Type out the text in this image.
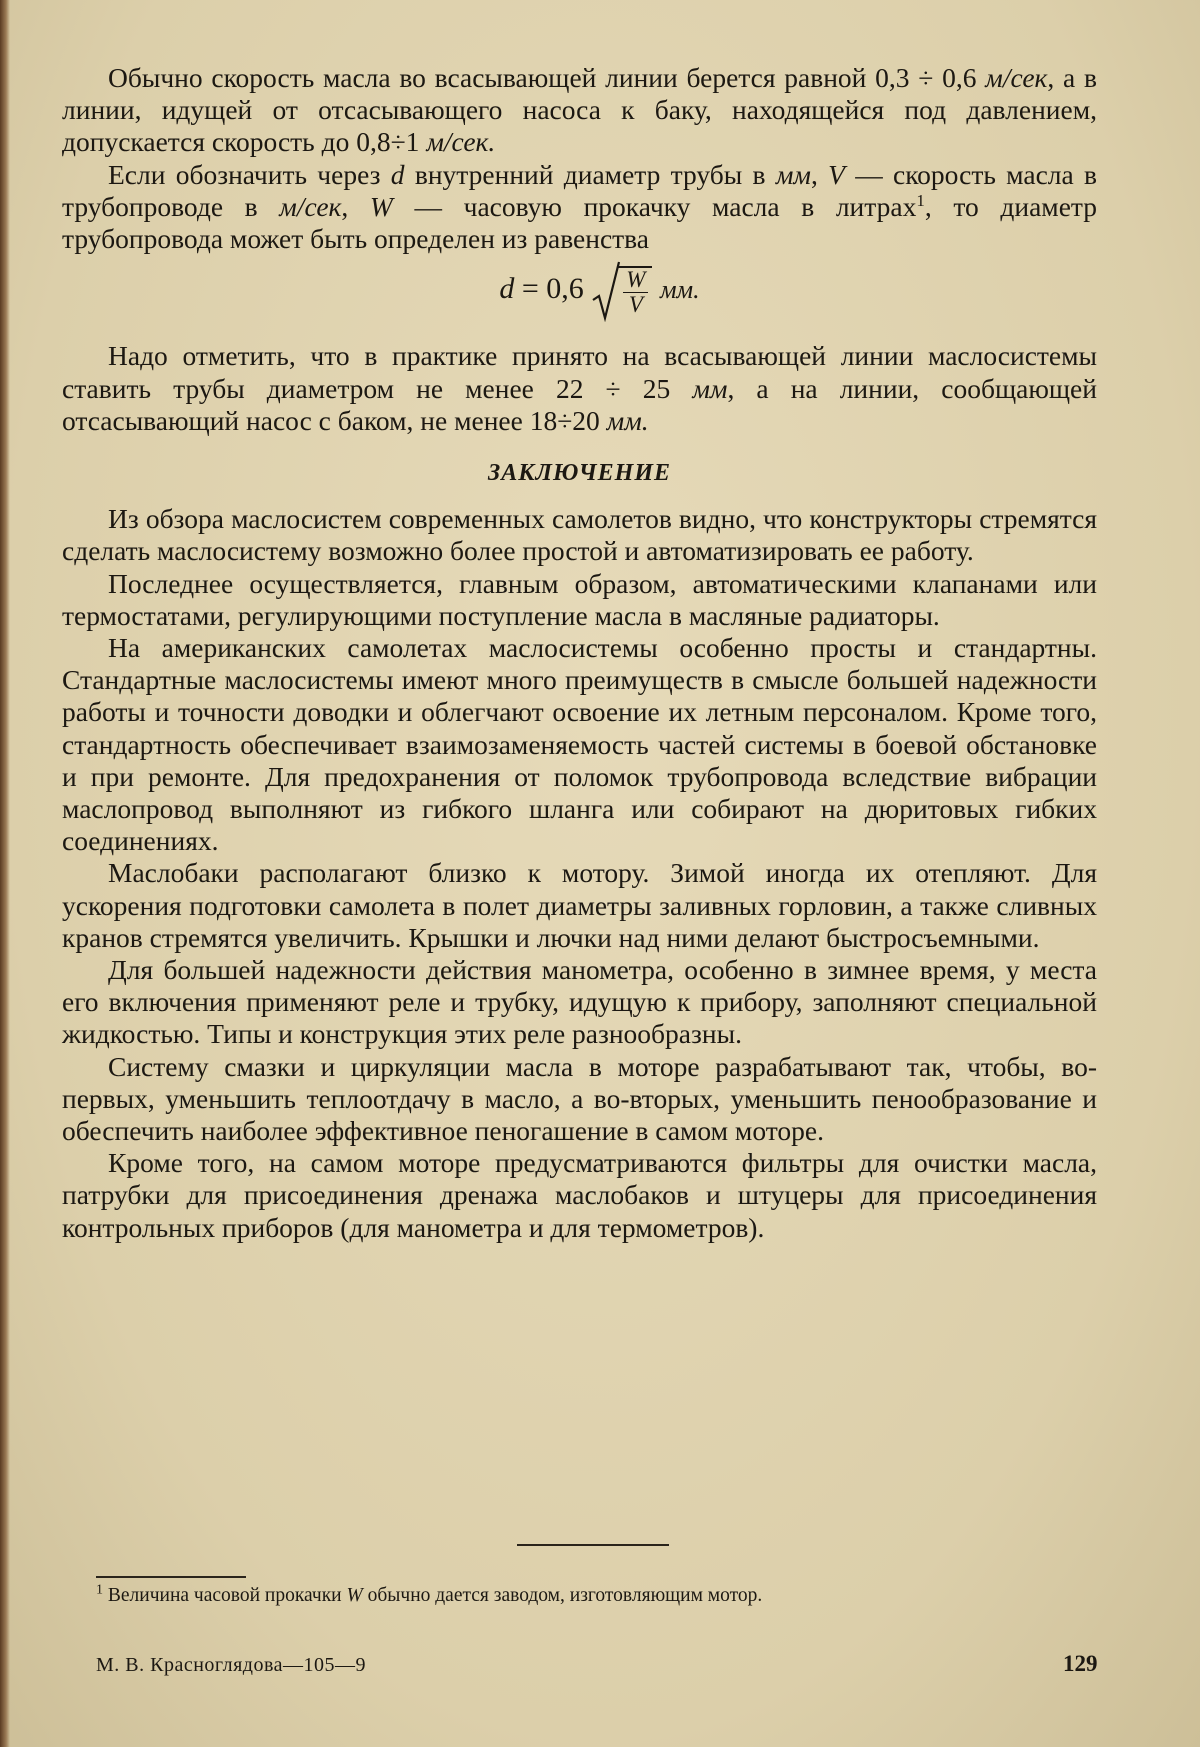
Обычно скорость масла во всасывающей линии берется равной 0,3 ÷ 0,6 м/сек, а в линии, идущей от отсасывающего насоса к баку, находящейся под давлением, допускается скорость до 0,8÷1 м/сек.

Если обозначить через d внутренний диаметр трубы в мм, V — скорость масла в трубопроводе в м/сек, W — часовую прокачку масла в литрах$^1$, то диаметр трубопровода может быть определен из равенства

$d = 0,6 \frac{W}{V}$ мм.

Надо отметить, что в практике принято на всасывающей линии маслосистемы ставить трубы диаметром не менее 22 ÷ 25 мм, а на линии, сообщающей отсасывающий насос с баком, не менее 18÷20 мм.

ЗАКЛЮЧЕНИЕ

Из обзора маслосистем современных самолетов видно, что конструкторы стремятся сделать маслосистему возможно более простой и автоматизировать ее работу.

Последнее осуществляется, главным образом, автоматическими клапанами или термостатами, регулирующими поступление масла в масляные радиаторы.

На американских самолетах маслосистемы особенно просты и стандартны. Стандартные маслосистемы имеют много преимуществ в смысле большей надежности работы и точности доводки и облегчают освоение их летным персоналом. Кроме того, стандартность обеспечивает взаимозаменяемость частей системы в боевой обстановке и при ремонте. Для предохранения от поломок трубопровода вследствие вибрации маслопровод выполняют из гибкого шланга или собирают на дюритовых гибких соединениях.

Маслобаки располагают близко к мотору. Зимой иногда их отепляют. Для ускорения подготовки самолета в полет диаметры заливных горловин, а также сливных кранов стремятся увеличить. Крышки и лючки над ними делают быстросъемными.

Для большей надежности действия манометра, особенно в зимнее время, у места его включения применяют реле и трубку, идущую к прибору, заполняют специальной жидкостью. Типы и конструкция этих реле разнообразны.

Систему смазки и циркуляции масла в моторе разрабатывают так, чтобы, во-первых, уменьшить теплоотдачу в масло, а во-вторых, уменьшить пенообразование и обеспечить наиболее эффективное пеногашение в самом моторе.

Кроме того, на самом моторе предусматриваются фильтры для очистки масла, патрубки для присоединения дренажа маслобаков и штуцеры для присоединения контрольных приборов (для манометра и для термометров).

$^1$ Величина часовой прокачки W обычно дается заводом, изготовляющим мотор.
М. В. Красноглядова—105—9	129
